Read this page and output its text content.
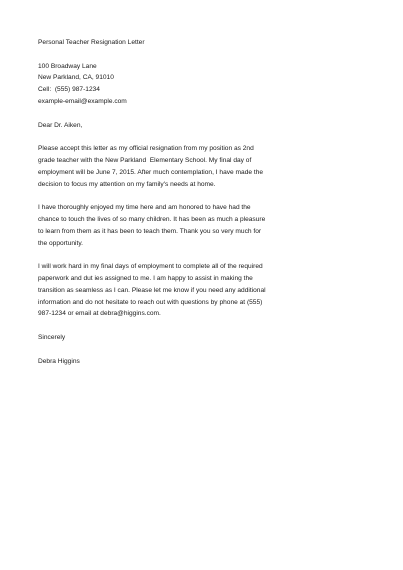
Personal Teacher Resignation Letter
100 Broadway Lane
New Parkland, CA, 91010
Cell:  (555) 987-1234
example-email@example.com
Dear Dr. Aiken,
Please accept this letter as my official resignation from my position as 2nd
grade teacher with the New Parkland  Elementary School. My final day of
employment will be June 7, 2015. After much contemplation, I have made the
decision to focus my attention on my family's needs at home.
I have thoroughly enjoyed my time here and am honored to have had the
chance to touch the lives of so many children. It has been as much a pleasure
to learn from them as it has been to teach them. Thank you so very much for
the opportunity.
I will work hard in my final days of employment to complete all of the required
paperwork and dut ies assigned to me. I am happy to assist in making the
transition as seamless as I can. Please let me know if you need any additional
information and do not hesitate to reach out with questions by phone at (555)
987-1234 or email at debra@higgins.com.
Sincerely
Debra Higgins
